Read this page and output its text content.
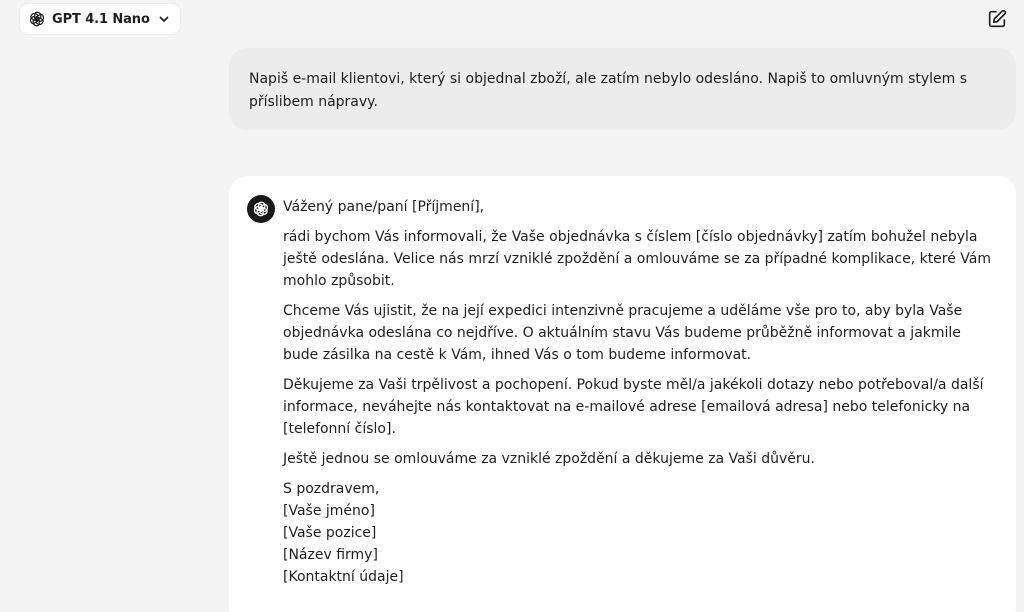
GPT 4.1 Nano
Napiš e-mail klientovi, který si objednal zboží, ale zatím nebylo odesláno. Napiš to omluvným stylem s příslibem nápravy.

Vážený pane/paní [Příjmení],

rádi bychom Vás informovali, že Vaše objednávka s číslem [číslo objednávky] zatím bohužel nebyla ještě odeslána. Velice nás mrzí vzniklé zpoždění a omlouváme se za případné komplikace, které Vám mohlo způsobit.

Chceme Vás ujistit, že na její expedici intenzivně pracujeme a uděláme vše pro to, aby byla Vaše objednávka odeslána co nejdříve. O aktuálním stavu Vás budeme průběžně informovat a jakmile bude zásilka na cestě k Vám, ihned Vás o tom budeme informovat.

Děkujeme za Vaši trpělivost a pochopení. Pokud byste měl/a jakékoli dotazy nebo potřeboval/a další informace, neváhejte nás kontaktovat na e-mailové adrese [emailová adresa] nebo telefonicky na [telefonní číslo].

Ještě jednou se omlouváme za vzniklé zpoždění a děkujeme za Vaši důvěru.

S pozdravem,
[Vaše jméno]
[Vaše pozice]
[Název firmy]
[Kontaktní údaje]
